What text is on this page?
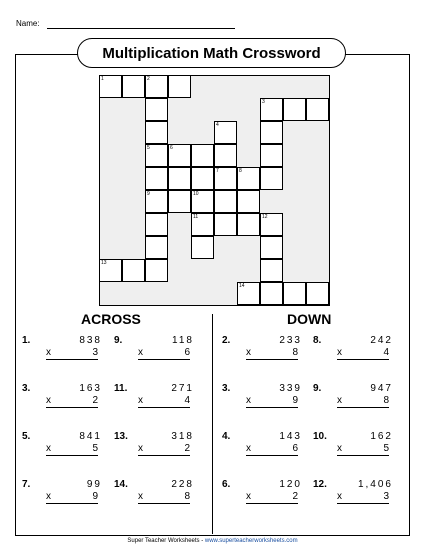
Name:
Multiplication Math Crossword
1	2
3
4
5	6
7	8
9	10
11	12
13
14
ACROSS	DOWN
1.	838
x	3
9.	118
x	6
3.	163
x	2
11.	271
x	4
5.	841
x	5
13.	318
x	2
7.	99
x	9
14.	228
x	8
2.	233
x	8
8.	242
x	4
3.	339
x	9
9.	947
x	8
4.	143
x	6
10.	162
x	5
6.	120
x	2
12.	1,406
x	3
Super Teacher Worksheets - www.superteacherworksheets.com
